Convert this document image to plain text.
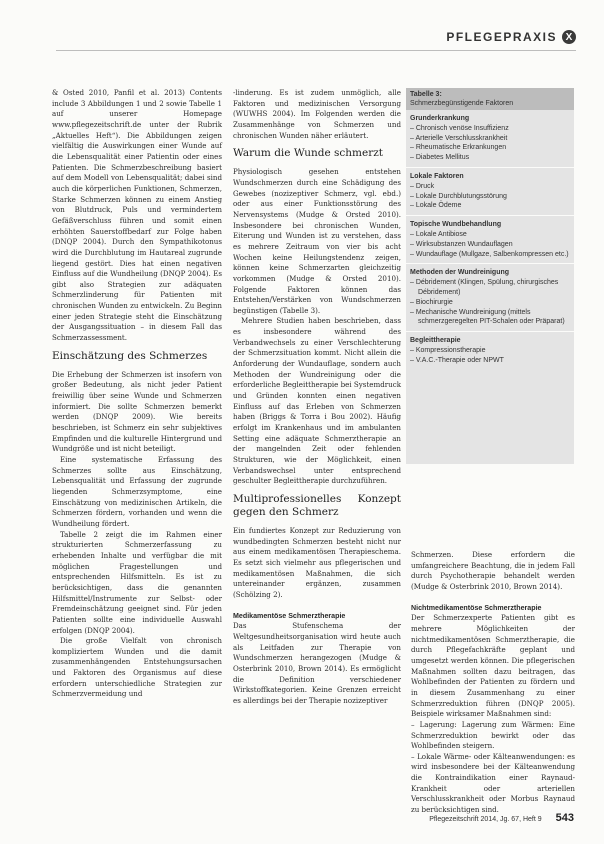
PFLEGEPRAXIS X

& Osted 2010, Panfil et al. 2013) Contents include 3 Abbildungen 1 und 2 sowie Tabelle 1 auf unserer Homepage www.pflegezeitschrift.de unter der Rubrik „Aktuelles Heft“). Die Abbildungen zeigen vielfältig die Auswirkungen einer Wunde auf die Lebensqualität einer Patientin oder eines Patienten. Die Schmerzbeschreibung basiert auf dem Modell von Lebensqualität; dabei sind auch die körperlichen Funktionen, Schmerzen, Starke Schmerzen können zu einem Anstieg von Blutdruck, Puls und vermindertem Gefäßverschluss führen und somit einen erhöhten Sauerstoffbedarf zur Folge haben (DNQP 2004). Durch den Sympathikotonus wird die Durchblutung im Hautareal zugrunde liegend gestört. Dies hat einen negativen Einfluss auf die Wundheilung (DNQP 2004). Es gibt also Strategien zur adäquaten Schmerzlinderung für Patienten mit chronischen Wunden zu entwickeln. Zu Beginn einer jeden Strategie steht die Einschätzung der Ausgangssituation – in diesem Fall das Schmerzassessment.

Einschätzung des Schmerzes

Die Erhebung der Schmerzen ist insofern von großer Bedeutung, als nicht jeder Patient freiwillig über seine Wunde und Schmerzen informiert. Die sollte Schmerzen bemerkt werden (DNQP 2009). Wie bereits beschrieben, ist Schmerz ein sehr subjektives Empfinden und die kulturelle Hintergrund und Wundgröße und ist nicht beteiligt.

Eine systematische Erfassung des Schmerzes sollte aus Einschätzung, Lebensqualität und Erfassung der zugrunde liegenden Schmerzsymptome, eine Einschätzung von medizinischen Artikeln, die Schmerzen fördern, vorhanden und wenn die Wundheilung fördert.

Tabelle 2 zeigt die im Rahmen einer strukturierten Schmerzerfassung zu erhebenden Inhalte und verfügbar die mit möglichen Fragestellungen und entsprechenden Hilfsmitteln. Es ist zu berücksichtigen, dass die genannten Hilfsmittel/Instrumente zur Selbst- oder Fremdeinschätzung geeignet sind. Für jeden Patienten sollte eine individuelle Auswahl erfolgen (DNQP 2004).

Die große Vielfalt von chronisch kompliziertem Wunden und die damit zusammenhängenden Entstehungsursachen und Faktoren des Organismus auf diese erfordern unterschiedliche Strategien zur Schmerzvermeidung und

-linderung. Es ist zudem unmöglich, alle Faktoren und medizinischen Versorgung (WUWHS 2004). Im Folgenden werden die Zusammenhänge von Schmerzen und chronischen Wunden näher erläutert.

Warum die Wunde schmerzt

Physiologisch gesehen entstehen Wundschmerzen durch eine Schädigung des Gewebes (nozizeptiver Schmerz, vgl. ebd.) oder aus einer Funktionsstörung des Nervensystems (Mudge & Orsted 2010). Insbesondere bei chronischen Wunden, Eiterung und Wunden ist zu verstehen, dass es mehrere Zeitraum von vier bis acht Wochen keine Heilungstendenz zeigen, können keine Schmerzarten gleichzeitig vorkommen (Mudge & Orsted 2010). Folgende Faktoren können das Entstehen/Verstärken von Wundschmerzen begünstigen (Tabelle 3).

Mehrere Studien haben beschrieben, dass es insbesondere während des Verbandwechsels zu einer Verschlechterung der Schmerzsituation kommt. Nicht allein die Anforderung der Wundauflage, sondern auch Methoden der Wundreinigung oder die erforderliche Begleittherapie bei Systemdruck und Gründen konnten einen negativen Einfluss auf das Erleben von Schmerzen haben (Briggs & Torra i Bou 2002). Häufig erfolgt im Krankenhaus und im ambulanten Setting eine adäquate Schmerztherapie an der mangelnden Zeit oder fehlenden Strukturen, wie der Möglichkeit, einen Verbandswechsel unter entsprechend geschulter Begleittherapie durchzuführen.

Multiprofessionelles Konzept gegen den Schmerz

Ein fundiertes Konzept zur Reduzierung von wundbedingten Schmerzen besteht nicht nur aus einem medikamentösen Therapieschema. Es setzt sich vielmehr aus pflegerischen und medikamentösen Maßnahmen, die sich untereinander ergänzen, zusammen (Schölzing 2).

Medikamentöse Schmerztherapie

Das Stufenschema der Weltgesundheitsorganisation wird heute auch als Leitfaden zur Therapie von Wundschmerzen herangezogen (Mudge & Osterbrink 2010, Brown 2014). Es ermöglicht die Definition verschiedener Wirkstoffkategorien. Keine Grenzen erreicht es allerdings bei der Therapie nozizeptiver

Tabelle 3:
Schmerzbegünstigende Faktoren
Grunderkrankung
– Chronisch venöse Insuffizienz
– Arterielle Verschlusskrankheit
– Rheumatische Erkrankungen
– Diabetes Mellitus
Lokale Faktoren
– Druck
– Lokale Durchblutungsstörung
– Lokale Ödeme
Topische Wundbehandlung
– Lokale Antibiose
– Wirksubstanzen Wundauflagen
– Wundauflage (Mullgaze, Salbenkompressen etc.)
Methoden der Wundreinigung
– Débridement (Klingen, Spülung, chirurgisches Débridement)
– Biochirurgie
– Mechanische Wundreinigung (mittels schmerzgeregelten PIT-Schalen oder Präparat)
Begleittherapie
– Kompressionstherapie
– V.A.C.-Therapie oder NPWT

Schmerzen. Diese erfordern die umfangreichere Beachtung, die in jedem Fall durch Psychotherapie behandelt werden (Mudge & Osterbrink 2010, Brown 2014).

Nichtmedikamentöse Schmerztherapie

Der Schmerzexperte Patienten gibt es mehrere Möglichkeiten der nichtmedikamentösen Schmerztherapie, die durch Pflegefachkräfte geplant und umgesetzt werden können. Die pflegerischen Maßnahmen sollten dazu beitragen, das Wohlbefinden der Patienten zu fördern und in diesem Zusammenhang zu einer Schmerzreduktion führen (DNQP 2005). Beispiele wirksamer Maßnahmen sind:

– Lagerung: Lagerung zum Wärmen: Eine Schmerzreduktion bewirkt oder das Wohlbefinden steigern.

– Lokale Wärme- oder Kälteanwendungen: es wird insbesondere bei der Kälteanwendung die Kontraindikation einer Raynaud-Krankheit oder arteriellen Verschlusskrankheit oder Morbus Raynaud zu berücksichtigen sind.

Pflegezeitschrift 2014, Jg. 67, Heft 9 543
